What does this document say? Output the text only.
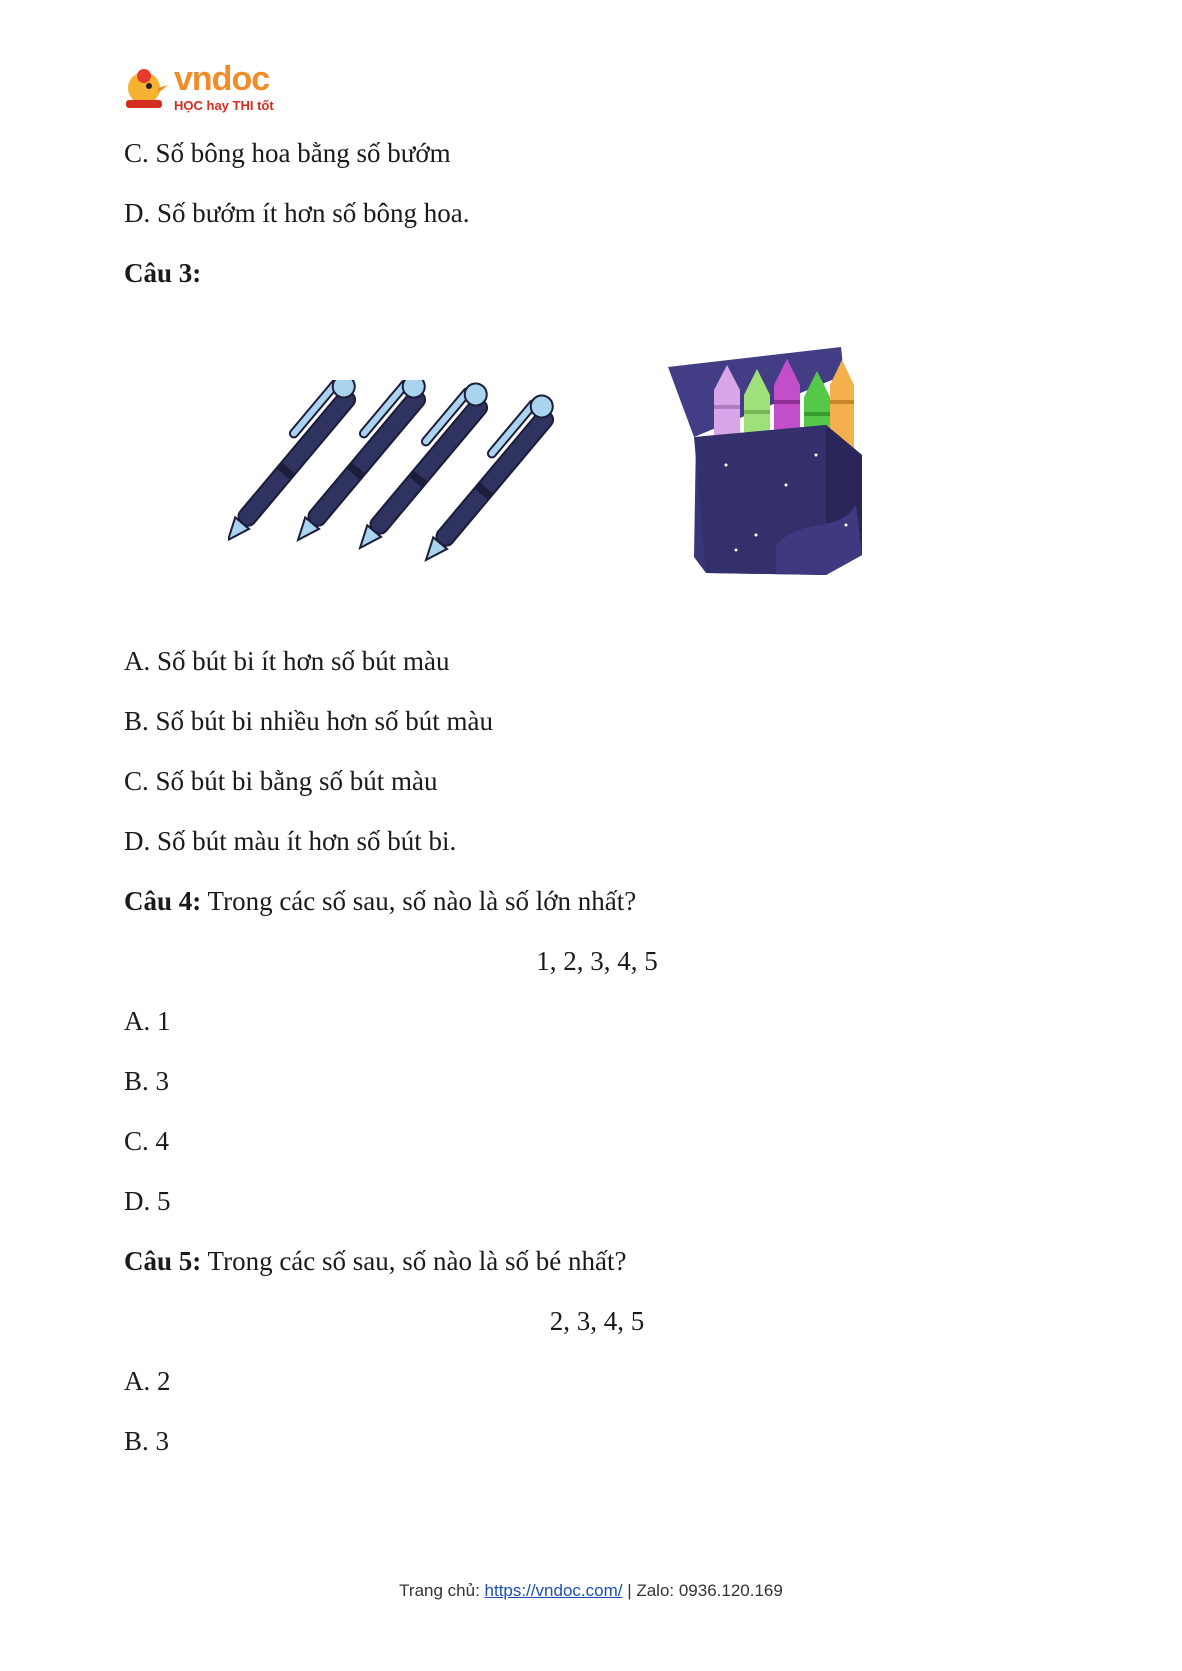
vndoc
HỌC hay THI tốt
C. Số bông hoa bằng số bướm
D. Số bướm ít hơn số bông hoa.
Câu 3:
A. Số bút bi ít hơn số bút màu
B. Số bút bi nhiều hơn số bút màu
C. Số bút bi bằng số bút màu
D. Số bút màu ít hơn số bút bi.
Câu 4: Trong các số sau, số nào là số lớn nhất?
1, 2, 3, 4, 5
A. 1
B. 3
C. 4
D. 5
Câu 5: Trong các số sau, số nào là số bé nhất?
2, 3, 4, 5
A. 2
B. 3
Trang chủ: https://vndoc.com/ | Zalo: 0936.120.169
